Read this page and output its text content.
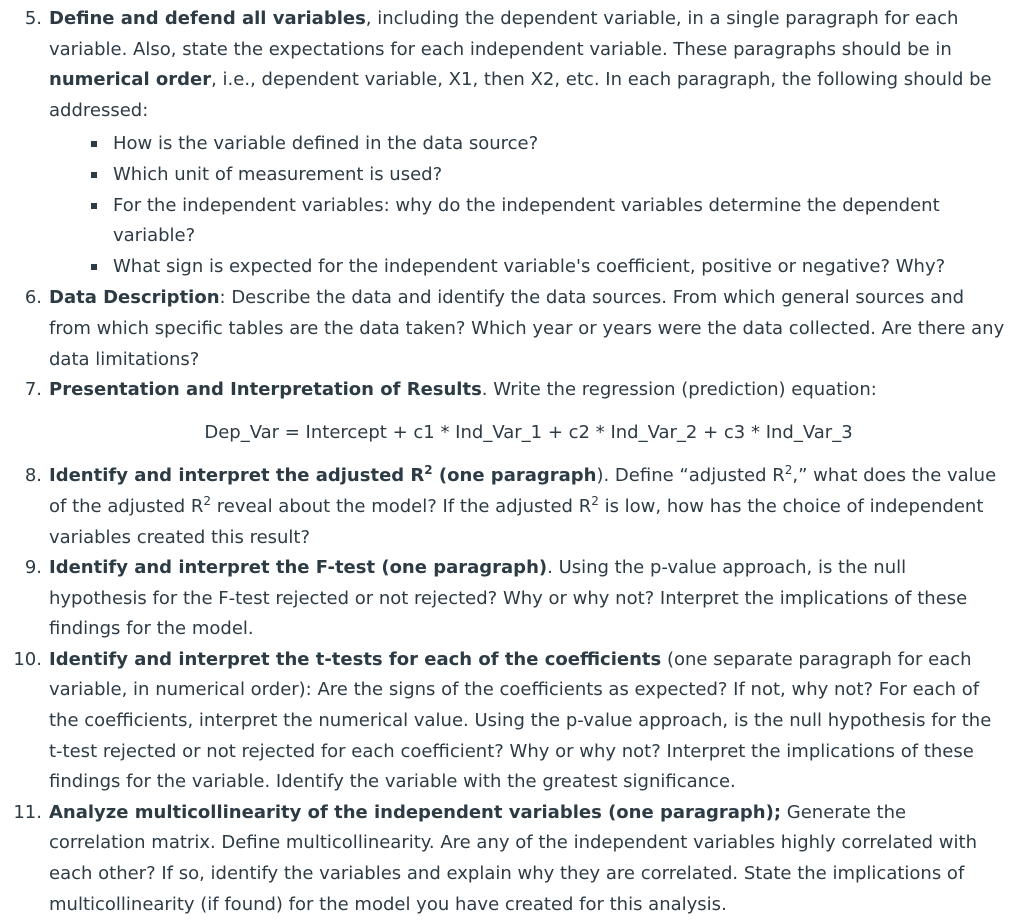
5. Define and defend all variables, including the dependent variable, in a single paragraph for each variable. Also, state the expectations for each independent variable. These paragraphs should be in numerical order, i.e., dependent variable, X1, then X2, etc. In each paragraph, the following should be addressed:
How is the variable defined in the data source?
Which unit of measurement is used?
For the independent variables: why do the independent variables determine the dependent variable?
What sign is expected for the independent variable's coefficient, positive or negative? Why?
6. Data Description: Describe the data and identify the data sources. From which general sources and from which specific tables are the data taken? Which year or years were the data collected. Are there any data limitations?
7. Presentation and Interpretation of Results. Write the regression (prediction) equation:
Dep_Var = Intercept + c1 * Ind_Var_1 + c2 * Ind_Var_2 + c3 * Ind_Var_3
8. Identify and interpret the adjusted $R^2$ (one paragraph). Define “adjusted $R^2$,” what does the value of the adjusted $R^2$ reveal about the model? If the adjusted $R^2$ is low, how has the choice of independent variables created this result?
9. Identify and interpret the F-test (one paragraph). Using the p-value approach, is the null hypothesis for the F-test rejected or not rejected? Why or why not? Interpret the implications of these findings for the model.
10. Identify and interpret the t-tests for each of the coefficients (one separate paragraph for each variable, in numerical order): Are the signs of the coefficients as expected? If not, why not? For each of the coefficients, interpret the numerical value. Using the p-value approach, is the null hypothesis for the t-test rejected or not rejected for each coefficient? Why or why not? Interpret the implications of these findings for the variable. Identify the variable with the greatest significance.
11. Analyze multicollinearity of the independent variables (one paragraph); Generate the correlation matrix. Define multicollinearity. Are any of the independent variables highly correlated with each other? If so, identify the variables and explain why they are correlated. State the implications of multicollinearity (if found) for the model you have created for this analysis.
